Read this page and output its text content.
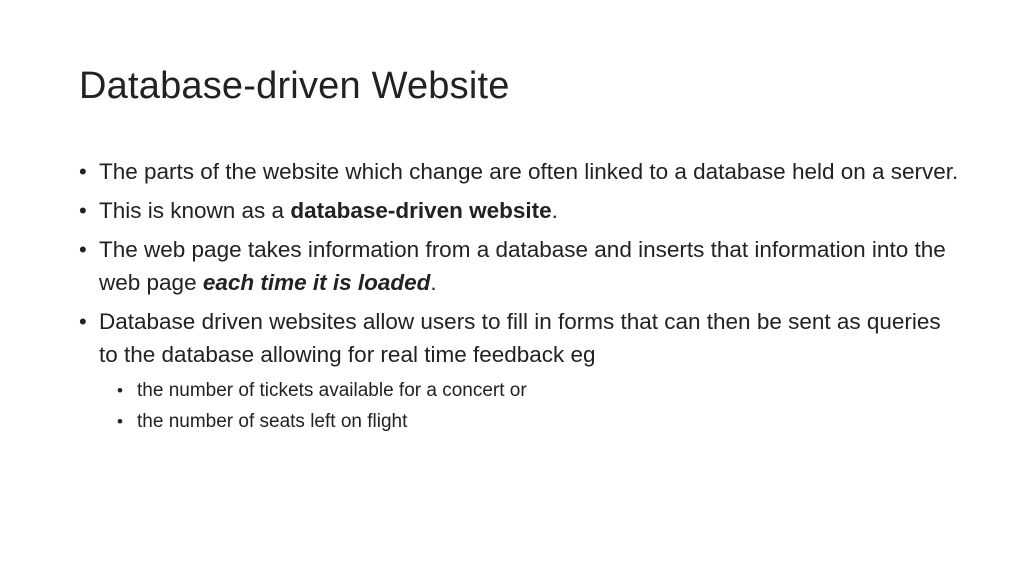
Database-driven Website
• The parts of the website which change are often linked to a database held on a server.
• This is known as a database-driven website.
• The web page takes information from a database and inserts that information into the web page each time it is loaded.
• Database driven websites allow users to fill in forms that can then be sent as queries to the database allowing for real time feedback eg
• the number of tickets available for a concert or
• the number of seats left on flight
